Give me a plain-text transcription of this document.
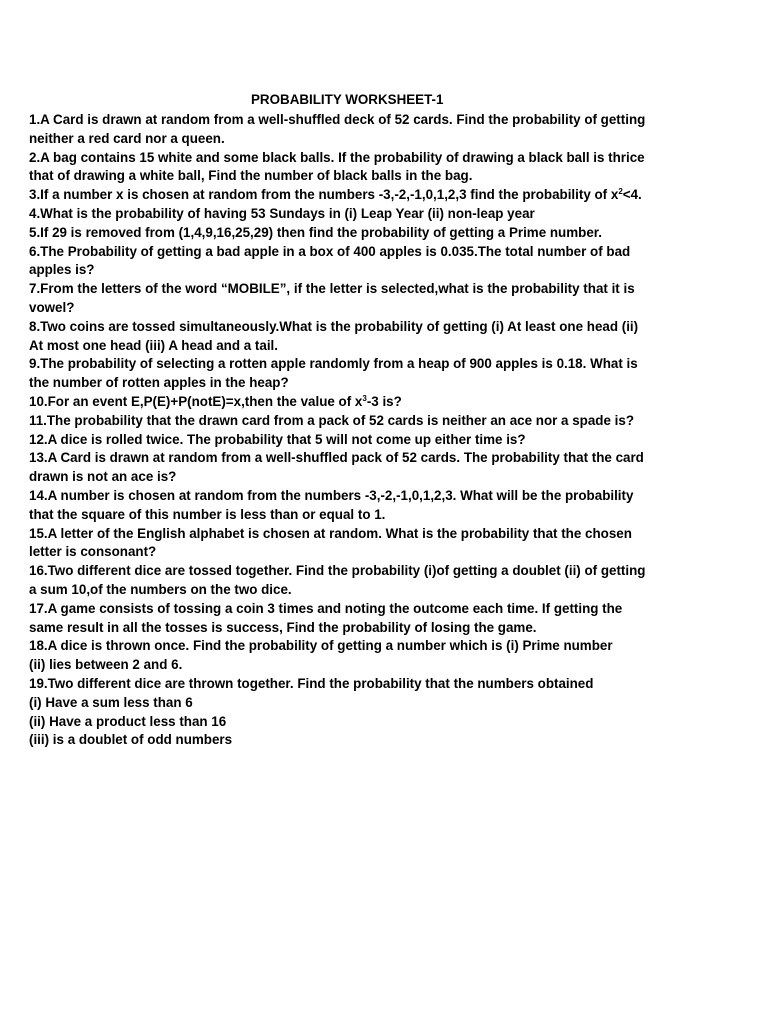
PROBABILITY WORKSHEET-1
1.A Card is drawn at random from a well-shuffled deck of 52 cards. Find the probability of getting
neither a red card nor a queen.
2.A bag contains 15 white and some black balls. If the probability of drawing a black ball is thrice
that of drawing a white ball, Find the number of black balls in the bag.
3.If a number x is chosen at random from the numbers -3,-2,-1,0,1,2,3 find the probability of $x^2<4$.
4.What is the probability of having 53 Sundays in (i) Leap Year (ii) non-leap year
5.If 29 is removed from (1,4,9,16,25,29) then find the probability of getting a Prime number.
6.The Probability of getting a bad apple in a box of 400 apples is 0.035.The total number of bad
apples is?
7.From the letters of the word “MOBILE”, if the letter is selected,what is the probability that it is
vowel?
8.Two coins are tossed simultaneously.What is the probability of getting (i) At least one head (ii)
At most one head (iii) A head and a tail.
9.The probability of selecting a rotten apple randomly from a heap of 900 apples is 0.18. What is
the number of rotten apples in the heap?
10.For an event E,P(E)+P(notE)=x,then the value of $x^3-3$ is?
11.The probability that the drawn card from a pack of 52 cards is neither an ace nor a spade is?
12.A dice is rolled twice. The probability that 5 will not come up either time is?
13.A Card is drawn at random from a well-shuffled pack of 52 cards. The probability that the card
drawn is not an ace is?
14.A number is chosen at random from the numbers -3,-2,-1,0,1,2,3. What will be the probability
that the square of this number is less than or equal to 1.
15.A letter of the English alphabet is chosen at random. What is the probability that the chosen
letter is consonant?
16.Two different dice are tossed together. Find the probability (i)of getting a doublet (ii) of getting
a sum 10,of the numbers on the two dice.
17.A game consists of tossing a coin 3 times and noting the outcome each time. If getting the
same result in all the tosses is success, Find the probability of losing the game.
18.A dice is thrown once. Find the probability of getting a number which is (i) Prime number
(ii) lies between 2 and 6.
19.Two different dice are thrown together. Find the probability that the numbers obtained
(i) Have a sum less than 6
(ii) Have a product less than 16
(iii) is a doublet of odd numbers
